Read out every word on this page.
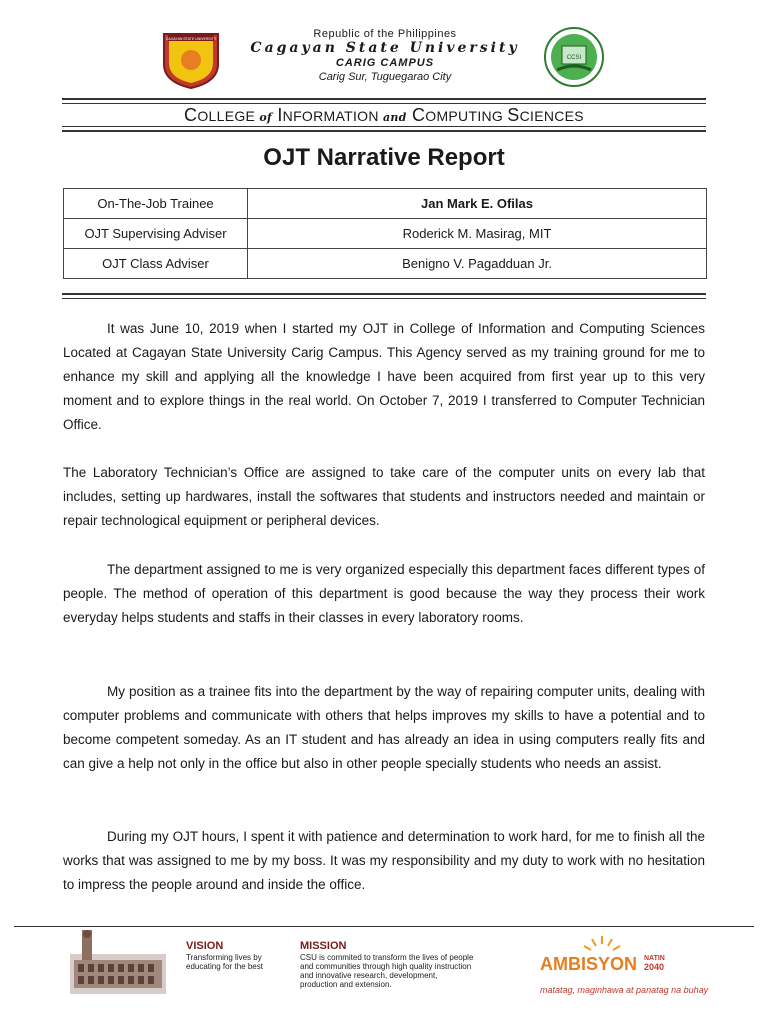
CAGAYAN STATE UNIVERSITY
CCSI
Republic of the Philippines
Cagayan State University
CARIG CAMPUS
Carig Sur, Tuguegarao City
COLLEGE of INFORMATION and COMPUTING SCIENCES
OJT Narrative Report
On-The-Job Trainee	Jan Mark E. Ofilas
OJT Supervising Adviser	Roderick M. Masirag, MIT
OJT Class Adviser	Benigno V. Pagadduan Jr.
It was June 10, 2019 when I started my OJT in College of Information and Computing Sciences Located at Cagayan State University Carig Campus. This Agency served as my training ground for me to enhance my skill and applying all the knowledge I have been acquired from first year up to this very moment and to explore things in the real world. On October 7, 2019 I transferred to Computer Technician Office.
The Laboratory Technician’s Office are assigned to take care of the computer units on every lab that includes, setting up hardwares, install the softwares that students and instructors needed and maintain or repair technological equipment or peripheral devices.
The department assigned to me is very organized especially this department faces different types of people. The method of operation of this department is good because the way they process their work everyday helps students and staffs in their classes in every laboratory rooms.
My position as a trainee fits into the department by the way of repairing computer units, dealing with computer problems and communicate with others that helps improves my skills to have a potential and to become competent someday. As an IT student and has already an idea in using computers really fits and can give a help not only in the office but also in other people specially students who needs an assist.
During my OJT hours, I spent it with patience and determination to work hard, for me to finish all the works that was assigned to me by my boss. It was my responsibility and my duty to work with no hesitation to impress the people around and inside the office.
VISION
Transforming lives by educating for the best
MISSION
CSU is commited to transform the lives of people and communities through high quality instruction and innovative research, development, production and extension.
AMBISYON NATIN
2040
matatag, maginhawa at panatag na buhay
